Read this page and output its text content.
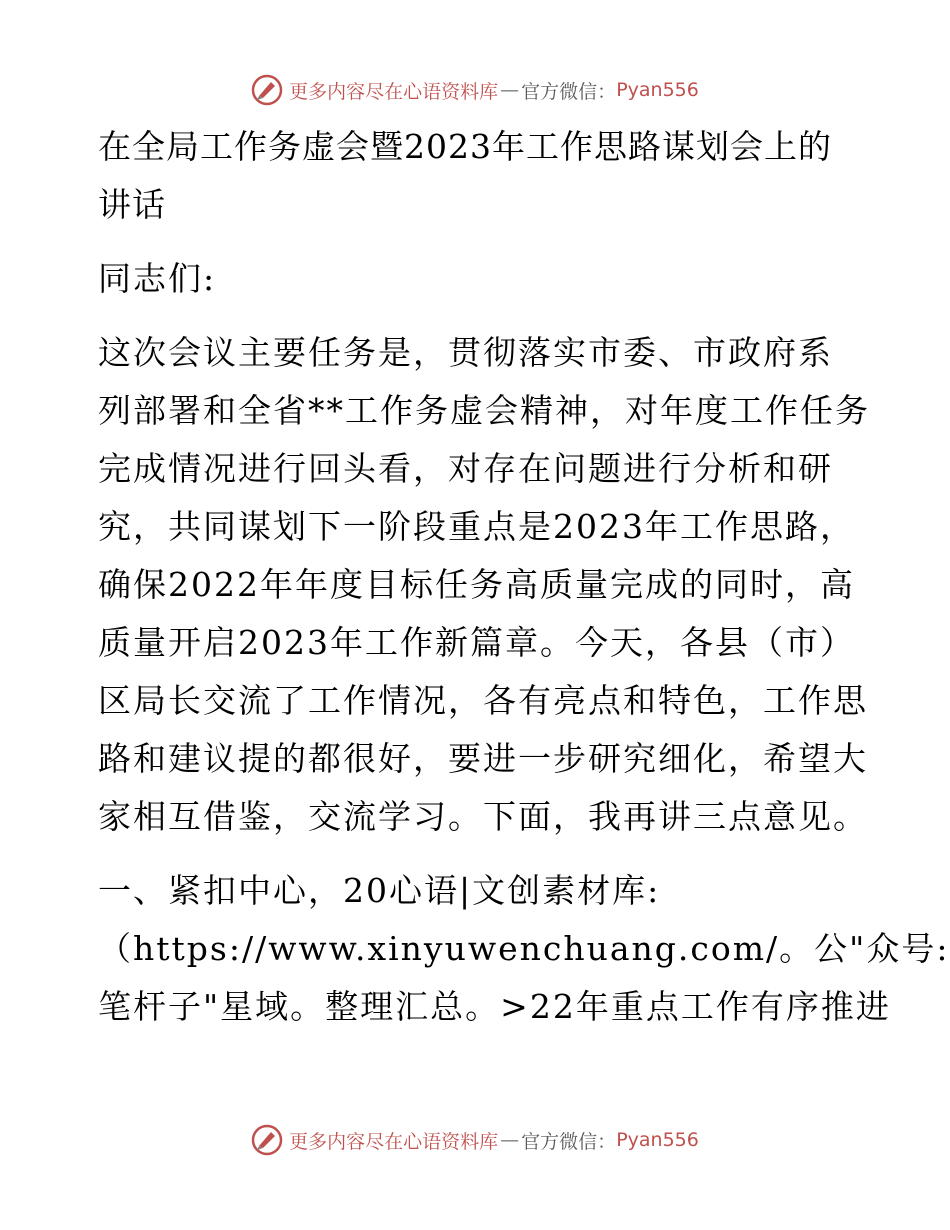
更多内容尽在心语资料库 — 官方微信： Pyan556
在全局工作务虚会暨2023年工作思路谋划会上的
讲话
同志们:
这次会议主要任务是，贯彻落实市委、市政府系
列部署和全省**工作务虚会精神，对年度工作任务
完成情况进行回头看，对存在问题进行分析和研
究，共同谋划下一阶段重点是2023年工作思路，
确保2022年年度目标任务高质量完成的同时，高
质量开启2023年工作新篇章。今天，各县（市）
区局长交流了工作情况，各有亮点和特色，工作思
路和建议提的都很好，要进一步研究细化，希望大
家相互借鉴，交流学习。下面，我再讲三点意见。
一、紧扣中心，20心语|文创素材库:
（https://www.xinyuwenchuang.com/。公"众号:
笔杆子"星域。整理汇总。>22年重点工作有序推进
更多内容尽在心语资料库 — 官方微信： Pyan556
